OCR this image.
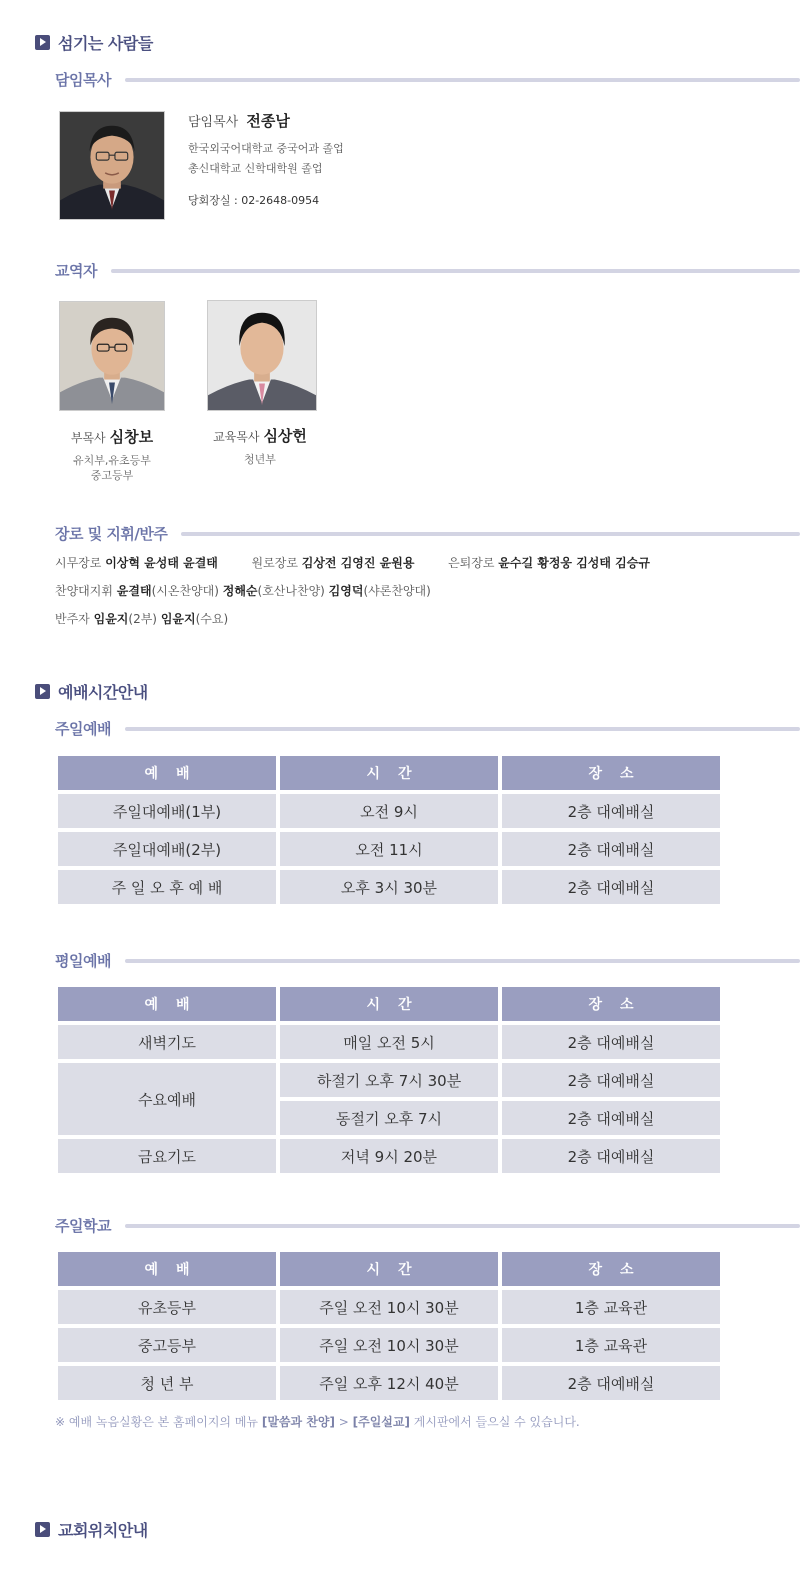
섬기는 사람들
담임목사
담임목사 전종남
한국외국어대학교 중국어과 졸업
총신대학교 신학대학원 졸업
당회장실 : 02-2648-0954
교역자
부목사 심창보
유치부,유초등부
중고등부
교육목사 심상헌
청년부
장로 및 지휘/반주
시무장로 이상혁 윤성태 윤결태	원로장로 김상전 김영진 윤원용	은퇴장로 윤수길 황정웅 김성태 김승규
찬양대지휘 윤결태(시온찬양대) 정해순(호산나찬양) 김영덕(샤론찬양대)
반주자 임윤지(2부) 임윤지(수요)
예배시간안내
주일예배
예배	시간	장소
주일대예배(1부)	오전 9시	2층 대예배실
주일대예배(2부)	오전 11시	2층 대예배실
주 일 오 후 예 배	오후 3시 30분	2층 대예배실
평일예배
예배	시간	장소
새벽기도	매일 오전 5시	2층 대예배실
수요예배	하절기 오후 7시 30분	2층 대예배실
	동절기 오후 7시	2층 대예배실
금요기도	저녁 9시 20분	2층 대예배실
주일학교
예배	시간	장소
유초등부	주일 오전 10시 30분	1층 교육관
중고등부	주일 오전 10시 30분	1층 교육관
청 년 부	주일 오후 12시 40분	2층 대예배실
※ 예배 녹음실황은 본 홈페이지의 메뉴 [말씀과 찬양] > [주일설교] 게시판에서 들으실 수 있습니다.
교회위치안내
